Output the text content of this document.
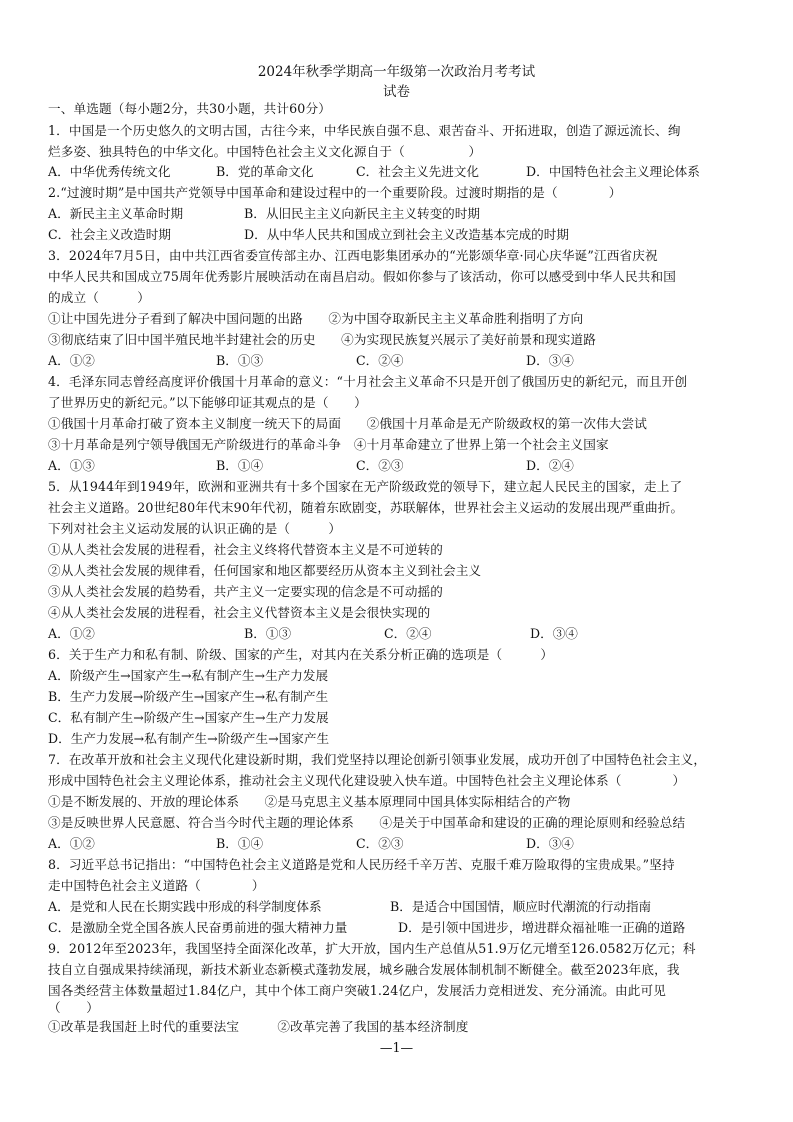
2024年秋季学期高一年级第一次政治月考考试
试卷
一、单选题（每小题2分，共30小题，共计60分）
1．中国是一个历史悠久的文明古国，古往今来，中华民族自强不息、艰苦奋斗、开拓进取，创造了源远流长、绚
烂多姿、独具特色的中华文化。中国特色社会主义文化源自于（　　　　　）
A．中华优秀传统文化	B．党的革命文化	C．社会主义先进文化	D．中国特色社会主义理论体系
2.“过渡时期”是中国共产党领导中国革命和建设过程中的一个重要阶段。过渡时期指的是（　　　　）
A．新民主主义革命时期	B．从旧民主主义向新民主主义转变的时期
C．社会主义改造时期	D．从中华人民共和国成立到社会主义改造基本完成的时期
3．2024年7月5日，由中共江西省委宣传部主办、江西电影集团承办的“光影颂华章·同心庆华诞”江西省庆祝
中华人民共和国成立75周年优秀影片展映活动在南昌启动。假如你参与了该活动，你可以感受到中华人民共和国
的成立（　　　）
①让中国先进分子看到了解决中国问题的出路　　②为中国夺取新民主主义革命胜利指明了方向
③彻底结束了旧中国半殖民地半封建社会的历史　　④为实现民族复兴展示了美好前景和现实道路
A．①②	B．①③	C．②④	D．③④
4．毛泽东同志曾经高度评价俄国十月革命的意义：“十月社会主义革命不只是开创了俄国历史的新纪元，而且开创
了世界历史的新纪元。”以下能够印证其观点的是（　　）
①俄国十月革命打破了资本主义制度一统天下的局面　　②俄国十月革命是无产阶级政权的第一次伟大尝试
③十月革命是列宁领导俄国无产阶级进行的革命斗争　④十月革命建立了世界上第一个社会主义国家
A．①③	B．①④	C．②③	D．②④
5．从1944年到1949年，欧洲和亚洲共有十多个国家在无产阶级政党的领导下，建立起人民民主的国家，走上了
社会主义道路。20世纪80年代末90年代初，随着东欧剧变，苏联解体，世界社会主义运动的发展出现严重曲折。
下列对社会主义运动发展的认识正确的是（　　　）
①从人类社会发展的进程看，社会主义终将代替资本主义是不可逆转的
②从人类社会发展的规律看，任何国家和地区都要经历从资本主义到社会主义
③从人类社会发展的趋势看，共产主义一定要实现的信念是不可动摇的
④从人类社会发展的进程看，社会主义代替资本主义是会很快实现的
A．①②	B．①③	C．②④	D．③④
6．关于生产力和私有制、阶级、国家的产生，对其内在关系分析正确的选项是（　　　）
A．阶级产生→国家产生→私有制产生→生产力发展
B．生产力发展→阶级产生→国家产生→私有制产生
C．私有制产生→阶级产生→国家产生→生产力发展
D．生产力发展→私有制产生→阶级产生→国家产生
7．在改革开放和社会主义现代化建设新时期，我们党坚持以理论创新引领事业发展，成功开创了中国特色社会主义，
形成中国特色社会主义理论体系，推动社会主义现代化建设驶入快车道。中国特色社会主义理论体系（　　　　）
①是不断发展的、开放的理论体系　　②是马克思主义基本原理同中国具体实际相结合的产物
③是反映世界人民意愿、符合当今时代主题的理论体系　　④是关于中国革命和建设的正确的理论原则和经验总结
A．①②	B．①④	C．②③	D．③④
8．习近平总书记指出：“中国特色社会主义道路是党和人民历经千辛万苦、克服千难万险取得的宝贵成果。”坚持
走中国特色社会主义道路（　　　　）
A．是党和人民在长期实践中形成的科学制度体系	B．是适合中国国情，顺应时代潮流的行动指南
C．是激励全党全国各族人民奋勇前进的强大精神力量	D．是引领中国进步，增进群众福祉唯一正确的道路
9．2012年至2023年，我国坚持全面深化改革，扩大开放，国内生产总值从51.9万亿元增至126.0582万亿元；科
技自立自强成果持续涌现，新技术新业态新模式蓬勃发展，城乡融合发展体制机制不断健全。截至2023年底，我
国各类经营主体数量超过1.84亿户，其中个体工商户突破1.24亿户，发展活力竞相迸发、充分涌流。由此可见
（　　）
①改革是我国赶上时代的重要法宝　　　②改革完善了我国的基本经济制度
—1—
